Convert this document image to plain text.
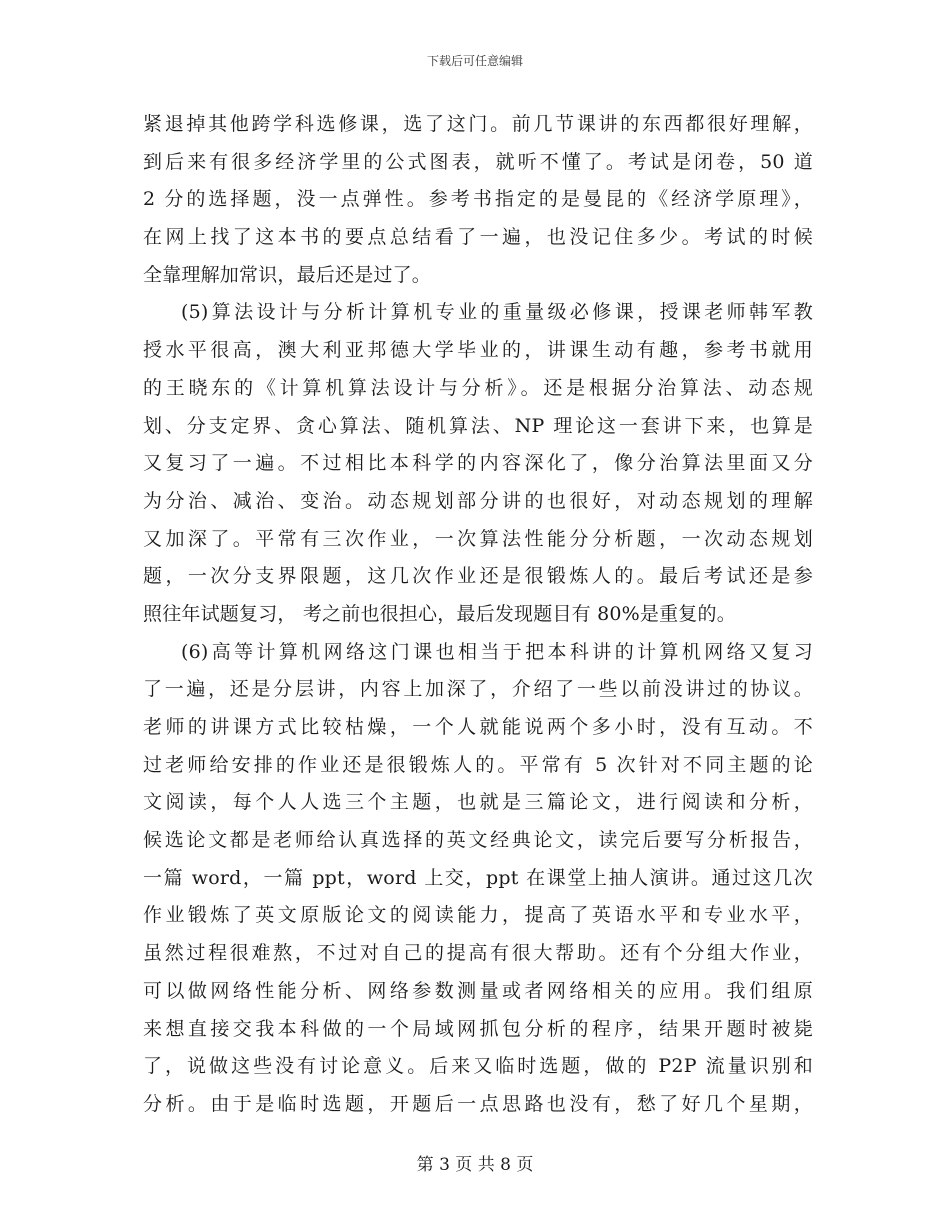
下载后可任意编辑
紧退掉其他跨学科选修课，选了这门。前几节课讲的东西都很好理解，
到后来有很多经济学里的公式图表，就听不懂了。考试是闭卷，50 道
2 分的选择题，没一点弹性。参考书指定的是曼昆的《经济学原理》，
在网上找了这本书的要点总结看了一遍，也没记住多少。考试的时候
全靠理解加常识，最后还是过了。
(5)算法设计与分析计算机专业的重量级必修课，授课老师韩军教
授水平很高，澳大利亚邦德大学毕业的，讲课生动有趣，参考书就用
的王晓东的《计算机算法设计与分析》。还是根据分治算法、动态规
划、分支定界、贪心算法、随机算法、NP 理论这一套讲下来，也算是
又复习了一遍。不过相比本科学的内容深化了，像分治算法里面又分
为分治、减治、变治。动态规划部分讲的也很好，对动态规划的理解
又加深了。平常有三次作业，一次算法性能分分析题，一次动态规划
题，一次分支界限题，这几次作业还是很锻炼人的。最后考试还是参
照往年试题复习， 考之前也很担心，最后发现题目有 80%是重复的。
(6)高等计算机网络这门课也相当于把本科讲的计算机网络又复习
了一遍，还是分层讲，内容上加深了，介绍了一些以前没讲过的协议。
老师的讲课方式比较枯燥，一个人就能说两个多小时，没有互动。不
过老师给安排的作业还是很锻炼人的。平常有 5 次针对不同主题的论
文阅读，每个人人选三个主题，也就是三篇论文，进行阅读和分析，
候选论文都是老师给认真选择的英文经典论文，读完后要写分析报告，
一篇 word，一篇 ppt，word 上交，ppt 在课堂上抽人演讲。通过这几次
作业锻炼了英文原版论文的阅读能力，提高了英语水平和专业水平，
虽然过程很难熬，不过对自己的提高有很大帮助。还有个分组大作业，
可以做网络性能分析、网络参数测量或者网络相关的应用。我们组原
来想直接交我本科做的一个局域网抓包分析的程序，结果开题时被毙
了，说做这些没有讨论意义。后来又临时选题，做的 P2P 流量识别和
分析。由于是临时选题，开题后一点思路也没有，愁了好几个星期，
第 3 页 共 8 页
